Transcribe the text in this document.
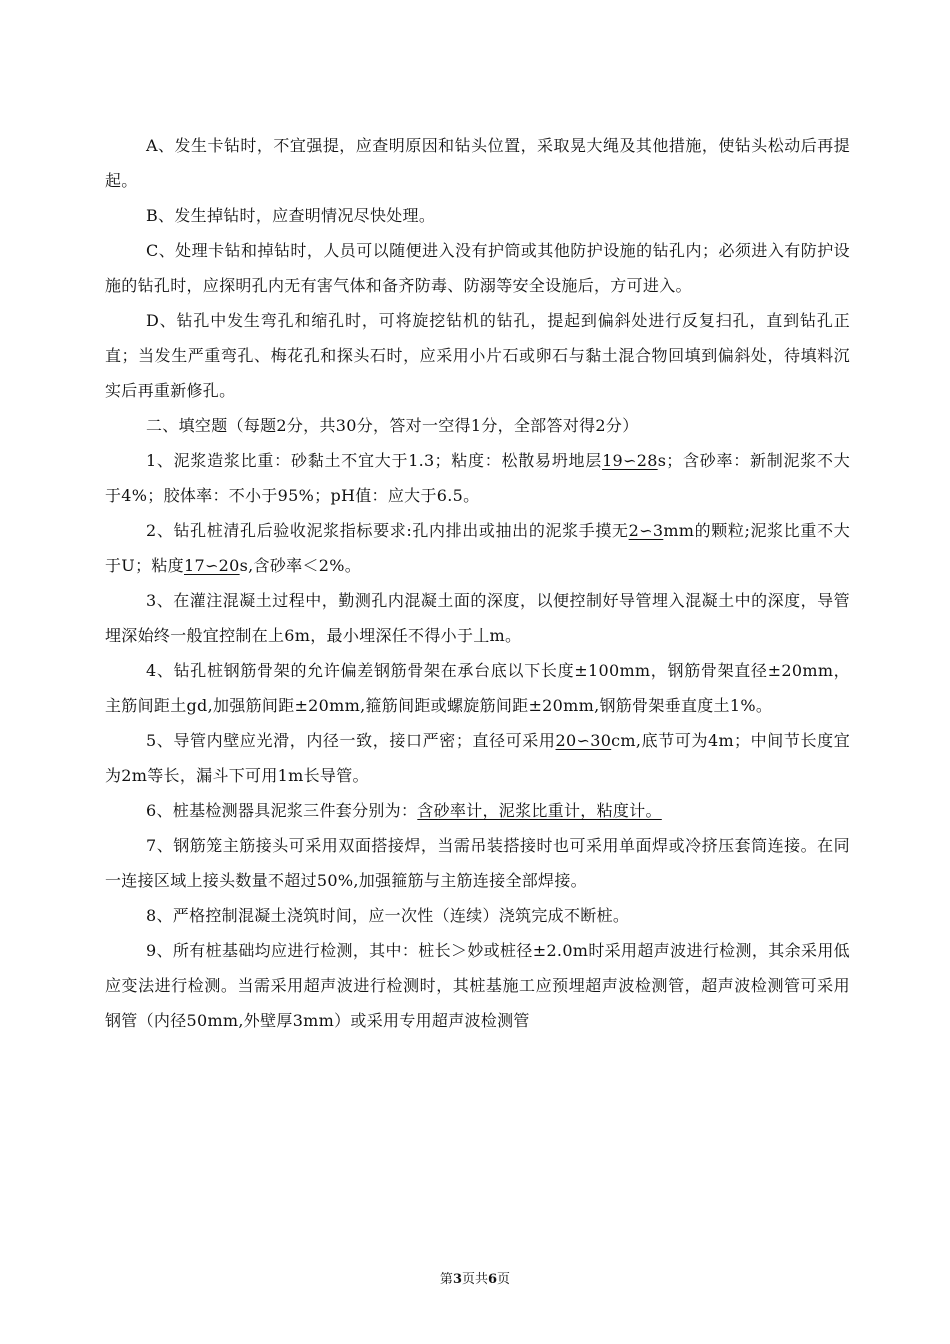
A、发生卡钻时，不宜强提，应查明原因和钻头位置，采取晃大绳及其他措施，使钻头松动后再提起。

B、发生掉钻时，应查明情况尽快处理。

C、处理卡钻和掉钻时，人员可以随便进入没有护筒或其他防护设施的钻孔内；必须进入有防护设施的钻孔时，应探明孔内无有害气体和备齐防毒、防溺等安全设施后，方可进入。

D、钻孔中发生弯孔和缩孔时，可将旋挖钻机的钻孔，提起到偏斜处进行反复扫孔，直到钻孔正直；当发生严重弯孔、梅花孔和探头石时，应采用小片石或卵石与黏土混合物回填到偏斜处，待填料沉实后再重新修孔。

二、填空题（每题2分，共30分，答对一空得1分，全部答对得2分）

1、泥浆造浆比重：砂黏土不宜大于1.3；粘度：松散易坍地层19∽28s；含砂率：新制泥浆不大于4%；胶体率：不小于95%；pH值：应大于6.5。

2、钻孔桩清孔后验收泥浆指标要求:孔内排出或抽出的泥浆手摸无2∽3mm的颗粒;泥浆比重不大于U；粘度17∽20s,含砂率＜2%。

3、在灌注混凝土过程中，勤测孔内混凝土面的深度，以便控制好导管埋入混凝土中的深度，导管埋深始终一般宜控制在上6m，最小埋深任不得小于丄m。

4、钻孔桩钢筋骨架的允许偏差钢筋骨架在承台底以下长度±100mm，钢筋骨架直径±20mm，主筋间距土gd,加强筋间距±20mm,箍筋间距或螺旋筋间距±20mm,钢筋骨架垂直度土1%。

5、导管内壁应光滑，内径一致，接口严密；直径可采用20∽30cm,底节可为4m；中间节长度宜为2m等长，漏斗下可用1m长导管。

6、桩基检测器具泥浆三件套分别为：含砂率计，泥浆比重计，粘度计。

7、钢筋笼主筋接头可采用双面搭接焊，当需吊装搭接时也可采用单面焊或冷挤压套筒连接。在同一连接区域上接头数量不超过50%,加强箍筋与主筋连接全部焊接。

8、严格控制混凝土浇筑时间，应一次性（连续）浇筑完成不断桩。

9、所有桩基础均应进行检测，其中：桩长＞妙或桩径±2.0m时采用超声波进行检测，其余采用低应变法进行检测。当需采用超声波进行检测时，其桩基施工应预埋超声波检测管，超声波检测管可采用钢管（内径50mm,外壁厚3mm）或采用专用超声波检测管

第3页共6页
